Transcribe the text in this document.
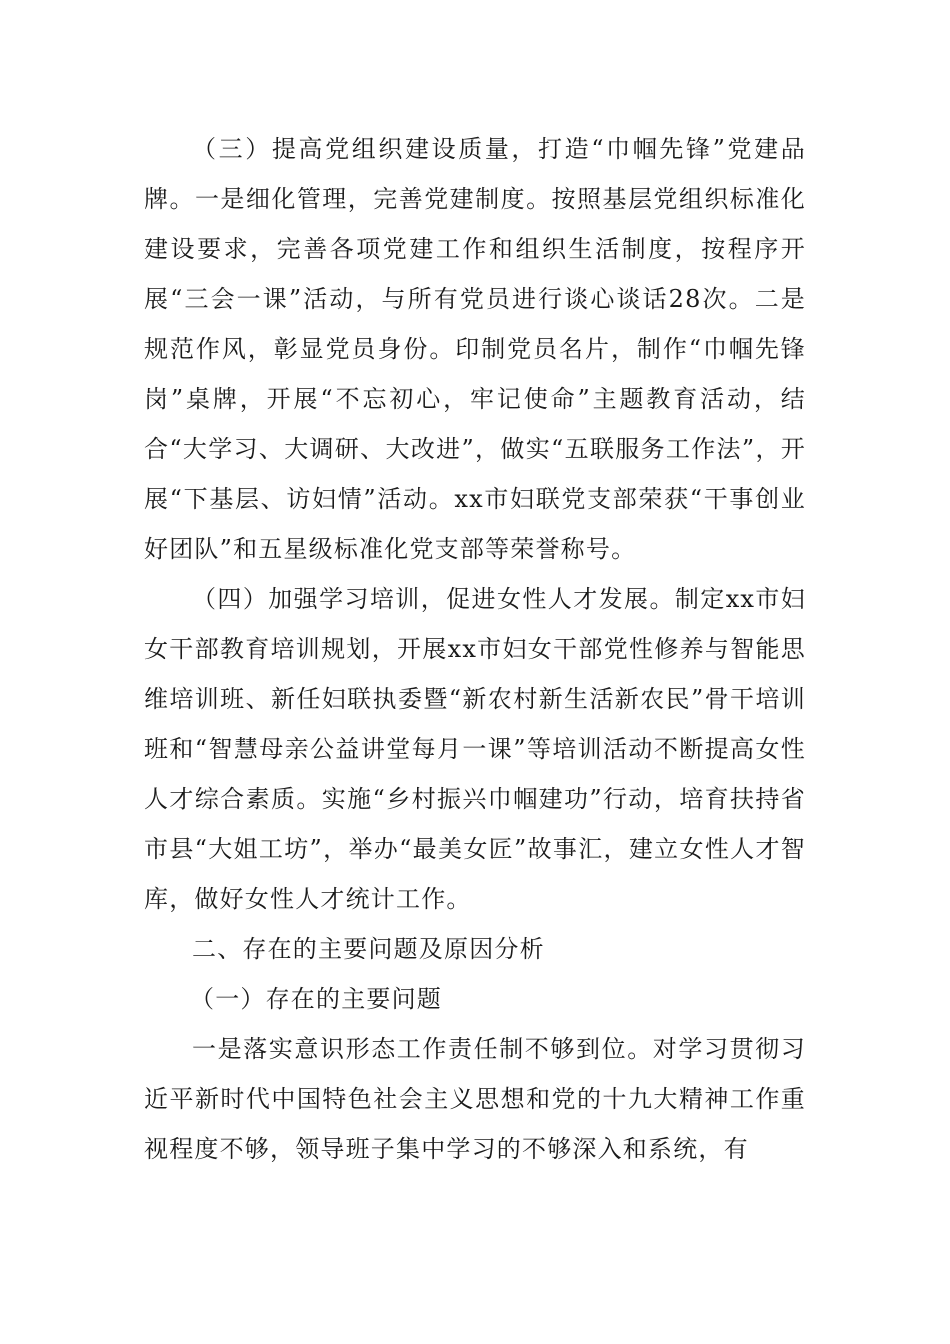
（三）提高党组织建设质量，打造“巾帼先锋”党建品牌。一是细化管理，完善党建制度。按照基层党组织标准化建设要求，完善各项党建工作和组织生活制度，按程序开展“三会一课”活动，与所有党员进行谈心谈话28次。二是规范作风，彰显党员身份。印制党员名片，制作“巾帼先锋岗”桌牌，开展“不忘初心，牢记使命”主题教育活动，结合“大学习、大调研、大改进”，做实“五联服务工作法”，开展“下基层、访妇情”活动。xx市妇联党支部荣获“干事创业好团队”和五星级标准化党支部等荣誉称号。

（四）加强学习培训，促进女性人才发展。制定xx市妇女干部教育培训规划，开展xx市妇女干部党性修养与智能思维培训班、新任妇联执委暨“新农村新生活新农民”骨干培训班和“智慧母亲公益讲堂每月一课”等培训活动不断提高女性人才综合素质。实施“乡村振兴巾帼建功”行动，培育扶持省市县“大姐工坊”，举办“最美女匠”故事汇，建立女性人才智库，做好女性人才统计工作。

二、存在的主要问题及原因分析

（一）存在的主要问题

一是落实意识形态工作责任制不够到位。对学习贯彻习近平新时代中国特色社会主义思想和党的十九大精神工作重视程度不够，领导班子集中学习的不够深入和系统，有
